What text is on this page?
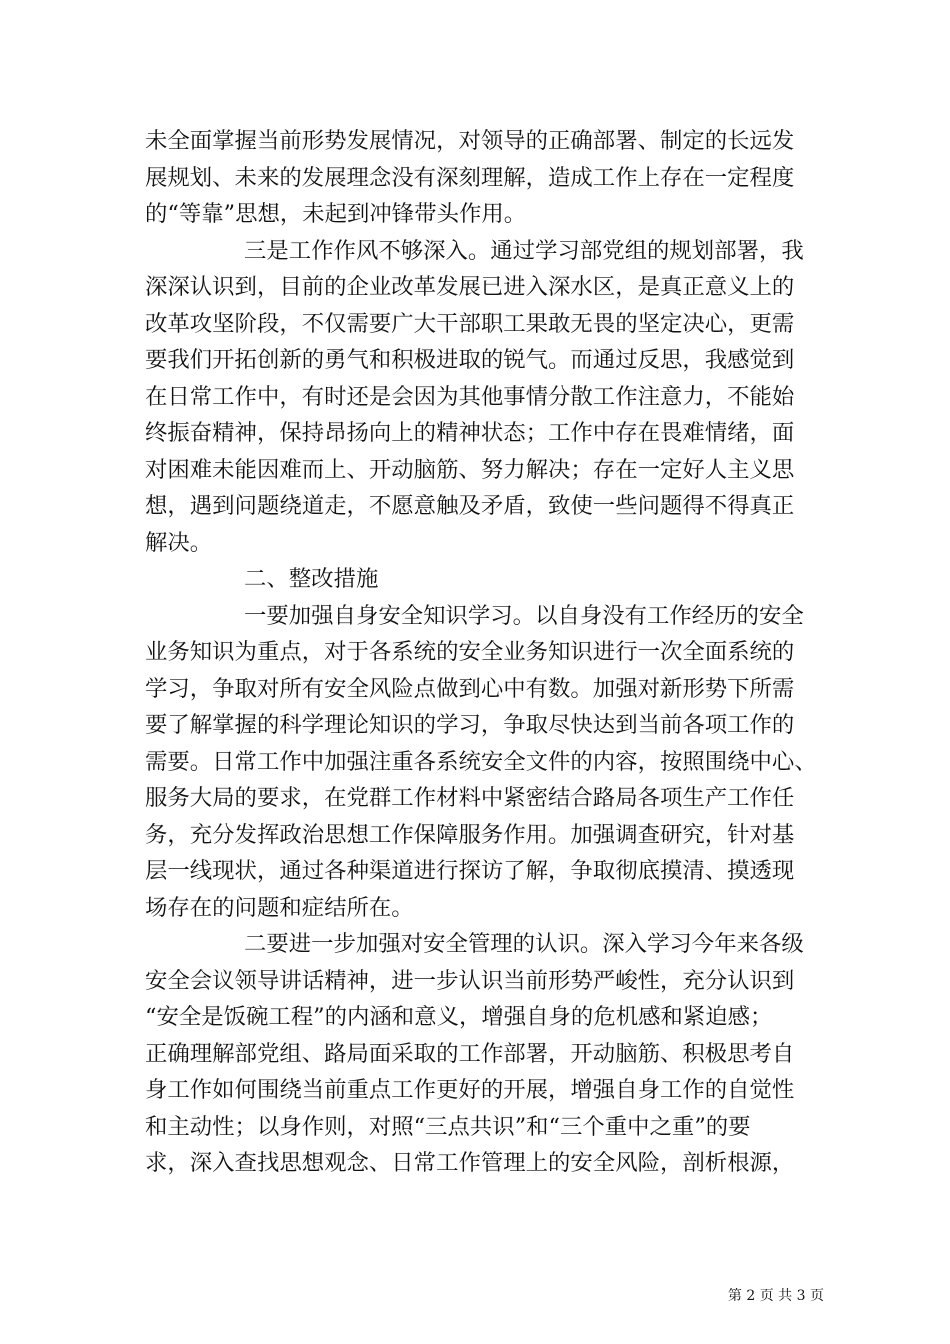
未全面掌握当前形势发展情况，对领导的正确部署、制定的长远发
展规划、未来的发展理念没有深刻理解，造成工作上存在一定程度
的“等靠”思想，未起到冲锋带头作用。
三是工作作风不够深入。通过学习部党组的规划部署，我
深深认识到，目前的企业改革发展已进入深水区，是真正意义上的
改革攻坚阶段，不仅需要广大干部职工果敢无畏的坚定决心，更需
要我们开拓创新的勇气和积极进取的锐气。而通过反思，我感觉到
在日常工作中，有时还是会因为其他事情分散工作注意力，不能始
终振奋精神，保持昂扬向上的精神状态；工作中存在畏难情绪，面
对困难未能因难而上、开动脑筋、努力解决；存在一定好人主义思
想，遇到问题绕道走，不愿意触及矛盾，致使一些问题得不得真正
解决。
二、整改措施
一要加强自身安全知识学习。以自身没有工作经历的安全
业务知识为重点，对于各系统的安全业务知识进行一次全面系统的
学习，争取对所有安全风险点做到心中有数。加强对新形势下所需
要了解掌握的科学理论知识的学习，争取尽快达到当前各项工作的
需要。日常工作中加强注重各系统安全文件的内容，按照围绕中心、
服务大局的要求，在党群工作材料中紧密结合路局各项生产工作任
务，充分发挥政治思想工作保障服务作用。加强调查研究，针对基
层一线现状，通过各种渠道进行探访了解，争取彻底摸清、摸透现
场存在的问题和症结所在。
二要进一步加强对安全管理的认识。深入学习今年来各级
安全会议领导讲话精神，进一步认识当前形势严峻性，充分认识到
“安全是饭碗工程”的内涵和意义，增强自身的危机感和紧迫感；
正确理解部党组、路局面采取的工作部署，开动脑筋、积极思考自
身工作如何围绕当前重点工作更好的开展，增强自身工作的自觉性
和主动性；以身作则，对照“三点共识”和“三个重中之重”的要
求，深入查找思想观念、日常工作管理上的安全风险，剖析根源，
第 2 页 共 3 页
